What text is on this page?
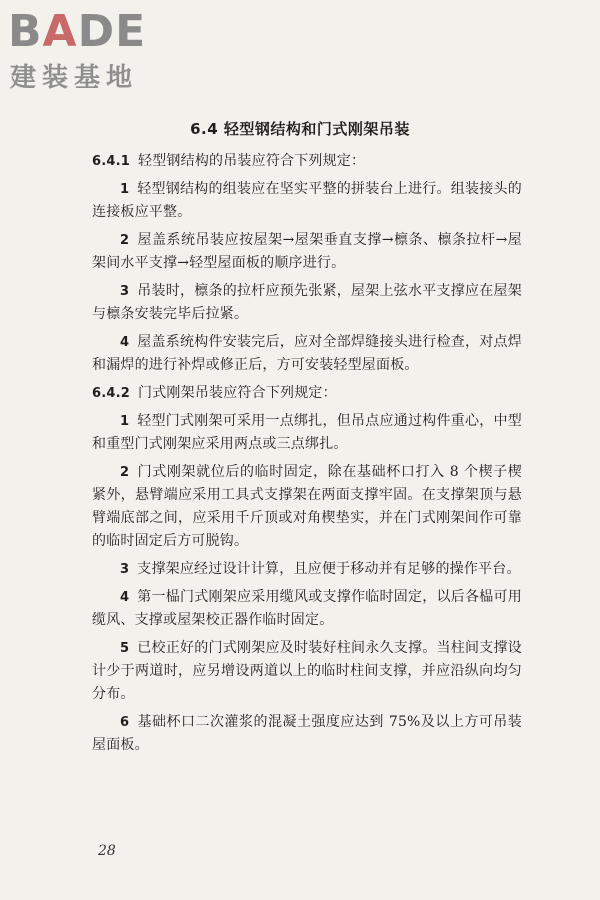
BADE
建装基地
6.4 轻型钢结构和门式刚架吊装

6.4.1 轻型钢结构的吊装应符合下列规定：

1 轻型钢结构的组装应在坚实平整的拼装台上进行。组装接头的连接板应平整。

2 屋盖系统吊装应按屋架→屋架垂直支撑→檩条、檩条拉杆→屋架间水平支撑→轻型屋面板的顺序进行。

3 吊装时，檩条的拉杆应预先张紧，屋架上弦水平支撑应在屋架与檩条安装完毕后拉紧。

4 屋盖系统构件安装完后，应对全部焊缝接头进行检查，对点焊和漏焊的进行补焊或修正后，方可安装轻型屋面板。

6.4.2 门式刚架吊装应符合下列规定：

1 轻型门式刚架可采用一点绑扎，但吊点应通过构件重心，中型和重型门式刚架应采用两点或三点绑扎。

2 门式刚架就位后的临时固定，除在基础杯口打入 8 个楔子楔紧外，悬臂端应采用工具式支撑架在两面支撑牢固。在支撑架顶与悬臂端底部之间，应采用千斤顶或对角楔垫实，并在门式刚架间作可靠的临时固定后方可脱钩。

3 支撑架应经过设计计算，且应便于移动并有足够的操作平台。

4 第一榀门式刚架应采用缆风或支撑作临时固定，以后各榀可用缆风、支撑或屋架校正器作临时固定。

5 已校正好的门式刚架应及时装好柱间永久支撑。当柱间支撑设计少于两道时，应另增设两道以上的临时柱间支撑，并应沿纵向均匀分布。

6 基础杯口二次灌浆的混凝土强度应达到 75%及以上方可吊装屋面板。

28
